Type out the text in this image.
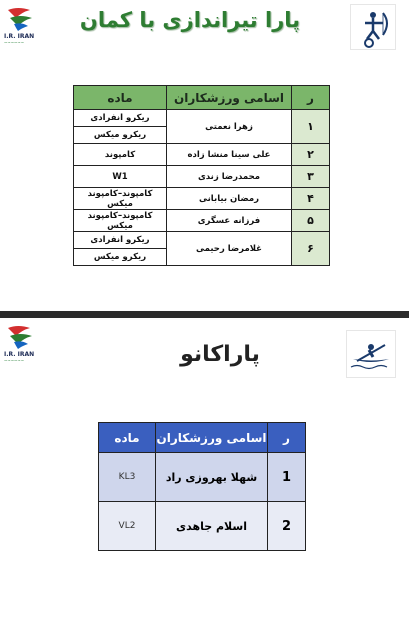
I.R. IRAN
~~~~~~
پارا تیراندازی با کمان
ر	اسامی ورزشکاران	ماده
۱	زهرا نعمتی	ریکرو انفرادی
		ریکرو میکس
۲	علی سینا منشا زاده	کامپوند
۳	محمدرضا زندی	W1
۴	رمضان بیابانی	کامپوند–کامپوند میکس
۵	فرزانه عسگری	کامپوند–کامپوند میکس
۶	غلامرضا رحیمی	ریکرو انفرادی
		ریکرو میکس
I.R. IRAN
~~~~~~	پاراکانو
ر	اسامی ورزشکاران	ماده
1	شهلا بهروزی راد	KL3
2	اسلام جاهدی	VL2
